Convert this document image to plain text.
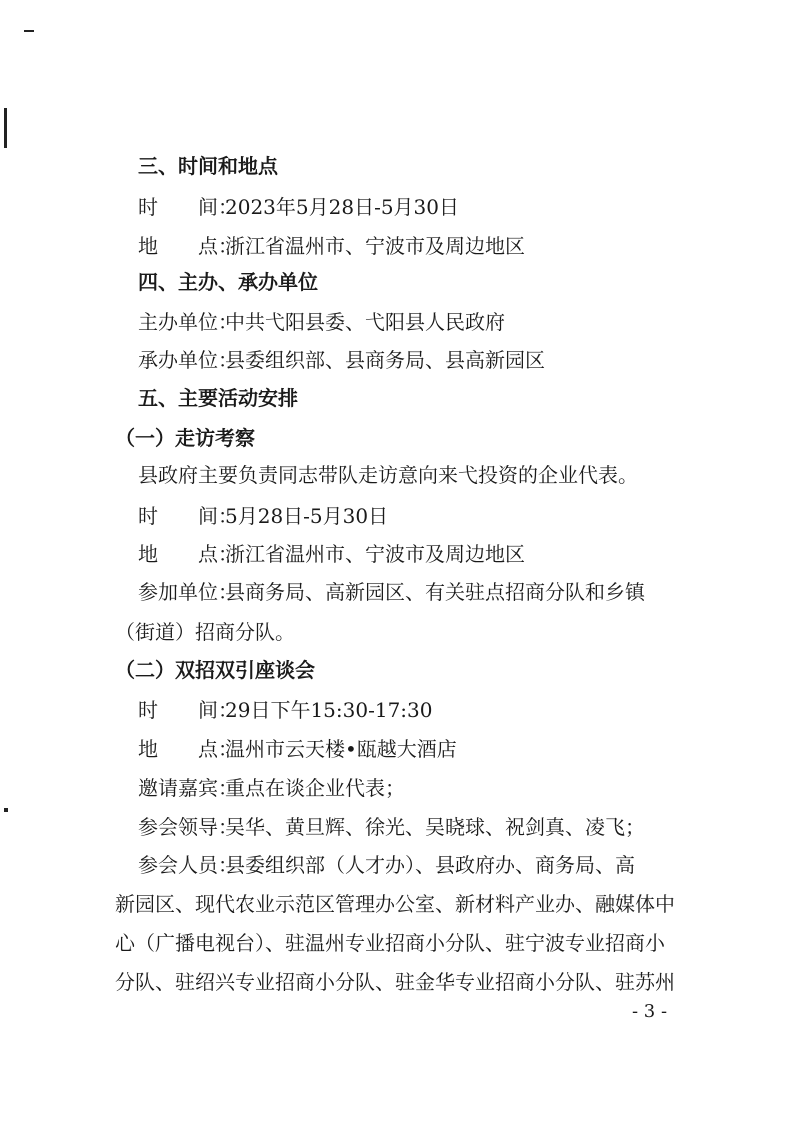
三、时间和地点
时　　间：2023年5月28日-5月30日
地　　点：浙江省温州市、宁波市及周边地区
四、主办、承办单位
主办单位：中共弋阳县委、弋阳县人民政府
承办单位：县委组织部、县商务局、县高新园区
五、主要活动安排
（一）走访考察
县政府主要负责同志带队走访意向来弋投资的企业代表。
时　　间：5月28日-5月30日
地　　点：浙江省温州市、宁波市及周边地区
参加单位：县商务局、高新园区、有关驻点招商分队和乡镇
（街道）招商分队。
（二）双招双引座谈会
时　　间：29日下午15:30-17:30
地　　点：温州市云天楼•瓯越大酒店
邀请嘉宾：重点在谈企业代表；
参会领导：吴华、黄旦辉、徐光、吴晓球、祝剑真、凌飞；
参会人员：县委组织部（人才办）、县政府办、商务局、高
新园区、现代农业示范区管理办公室、新材料产业办、融媒体中
心（广播电视台）、驻温州专业招商小分队、驻宁波专业招商小
分队、驻绍兴专业招商小分队、驻金华专业招商小分队、驻苏州
- 3 -
